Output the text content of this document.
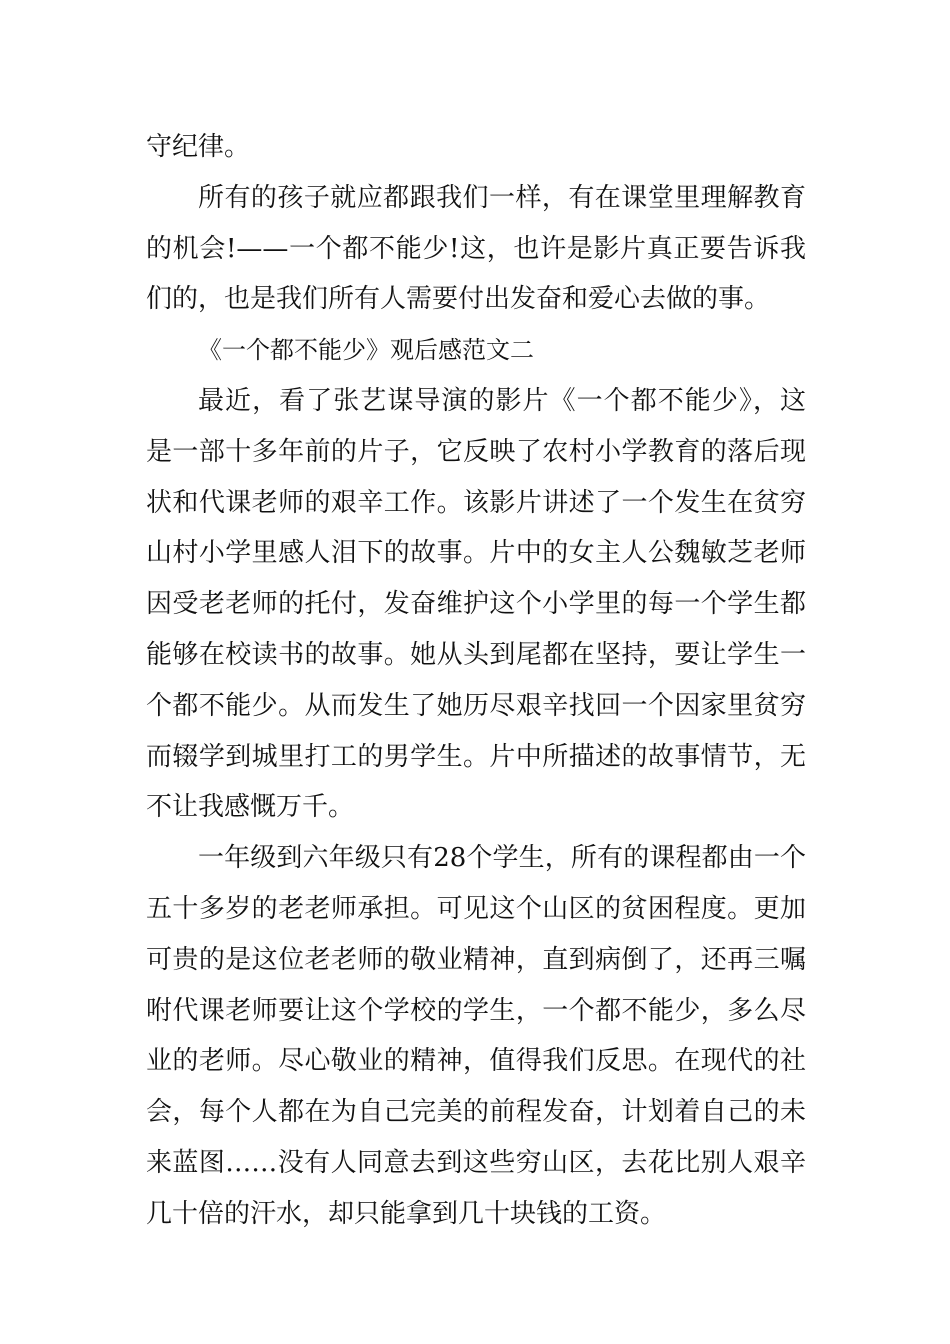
守纪律。

所有的孩子就应都跟我们一样，有在课堂里理解教育的机会!——一个都不能少!这，也许是影片真正要告诉我们的，也是我们所有人需要付出发奋和爱心去做的事。

《一个都不能少》观后感范文二

最近，看了张艺谋导演的影片《一个都不能少》，这是一部十多年前的片子，它反映了农村小学教育的落后现状和代课老师的艰辛工作。该影片讲述了一个发生在贫穷山村小学里感人泪下的故事。片中的女主人公魏敏芝老师因受老老师的托付，发奋维护这个小学里的每一个学生都能够在校读书的故事。她从头到尾都在坚持，要让学生一个都不能少。从而发生了她历尽艰辛找回一个因家里贫穷而辍学到城里打工的男学生。片中所描述的故事情节，无不让我感慨万千。

一年级到六年级只有28个学生，所有的课程都由一个五十多岁的老老师承担。可见这个山区的贫困程度。更加可贵的是这位老老师的敬业精神，直到病倒了，还再三嘱咐代课老师要让这个学校的学生，一个都不能少，多么尽业的老师。尽心敬业的精神，值得我们反思。在现代的社会，每个人都在为自己完美的前程发奋，计划着自己的未来蓝图……没有人同意去到这些穷山区，去花比别人艰辛几十倍的汗水，却只能拿到几十块钱的工资。
